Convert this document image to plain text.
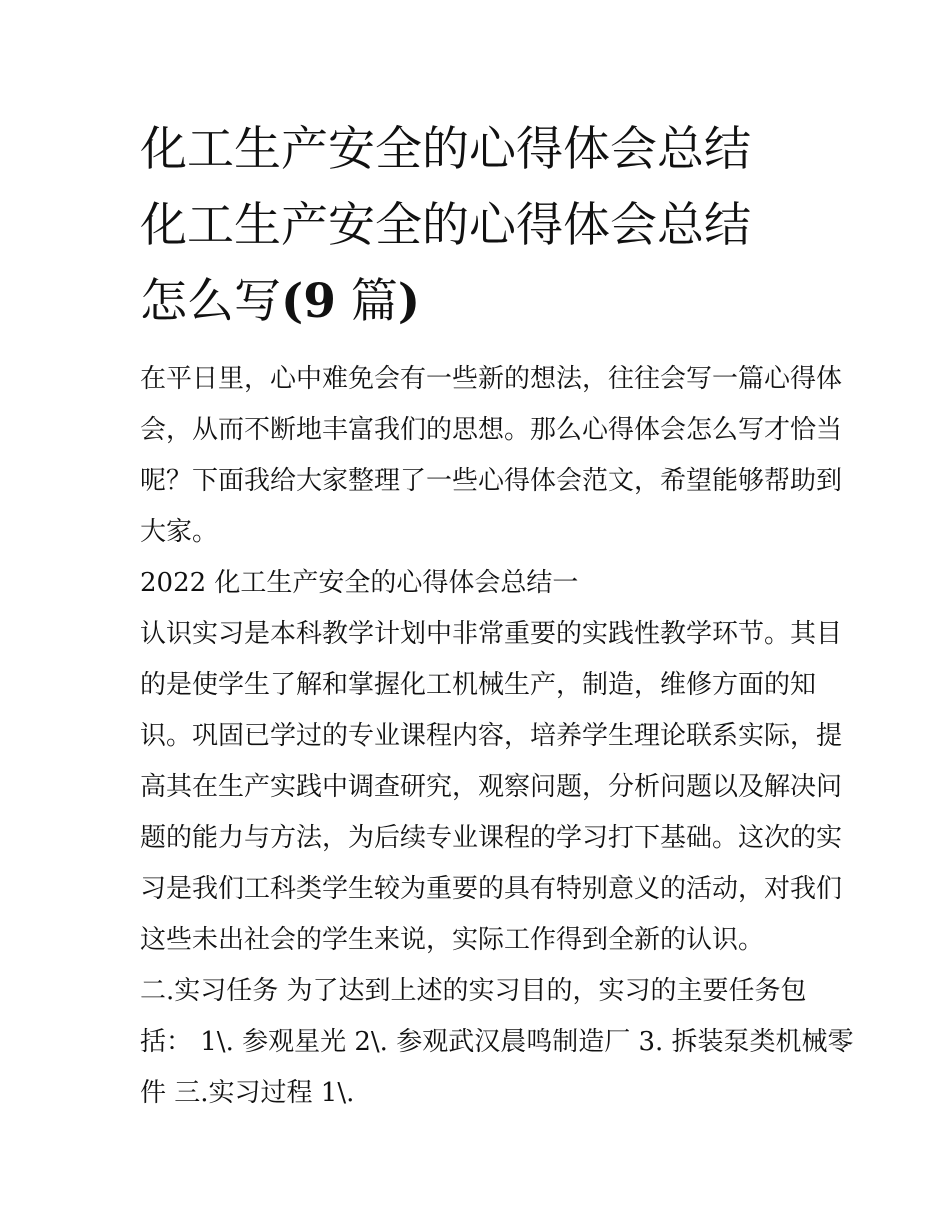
化工生产安全的心得体会总结
化工生产安全的心得体会总结
怎么写(9 篇)

在平日里，心中难免会有一些新的想法，往往会写一篇心得体
会，从而不断地丰富我们的思想。那么心得体会怎么写才恰当
呢？下面我给大家整理了一些心得体会范文，希望能够帮助到
大家。

2022 化工生产安全的心得体会总结一

认识实习是本科教学计划中非常重要的实践性教学环节。其目
的是使学生了解和掌握化工机械生产，制造，维修方面的知
识。巩固已学过的专业课程内容，培养学生理论联系实际，提
高其在生产实践中调查研究，观察问题，分析问题以及解决问
题的能力与方法，为后续专业课程的学习打下基础。这次的实
习是我们工科类学生较为重要的具有特别意义的活动，对我们
这些未出社会的学生来说，实际工作得到全新的认识。
二.实习任务 为了达到上述的实习目的，实习的主要任务包
括： 1\. 参观星光 2\. 参观武汉晨鸣制造厂 3. 拆装泵类机械零
件 三.实习过程 1\.
